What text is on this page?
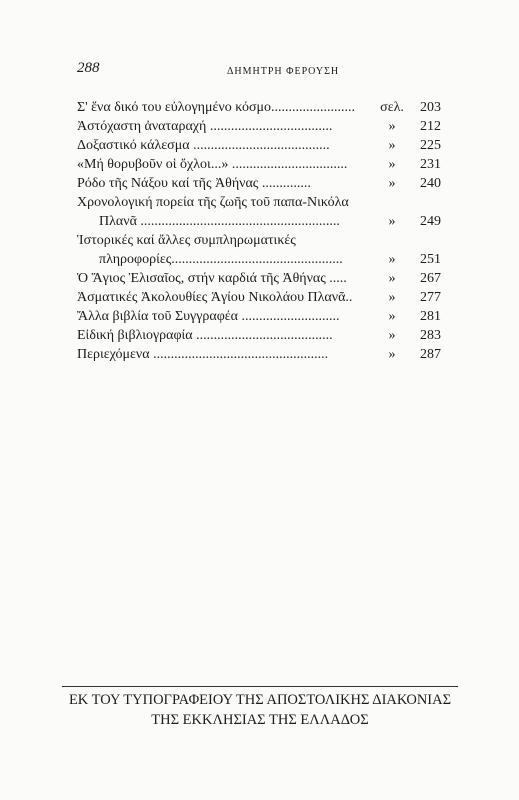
288	ΔΗΜΗΤΡΗ ΦΕΡΟΥΣΗ
Σ' ἕνα δικό του εὐλογημένο κόσμο........................	σελ.	203
Ἀστόχαστη ἀναταραχή ...................................	»	212
Δοξαστικό κάλεσμα .......................................	»	225
«Μή θορυβοῦν οἱ ὄχλοι...» .................................	»	231
Ρόδο τῆς Νάξου καί τῆς Ἀθήνας ..............	»	240
Χρονολογική πορεία τῆς ζωῆς τοῦ παπα-Νικόλα
Πλανᾶ .........................................................	»	249
Ἱστορικές καί ἄλλες συμπληρωματικές
πληροφορίες.................................................	»	251
Ὁ Ἅγιος Ἐλισαῖος, στήν καρδιά τῆς Ἀθήνας .....	»	267
Ἀσματικές Ἀκολουθίες Ἁγίου Νικολάου Πλανᾶ..	»	277
Ἄλλα βιβλία τοῦ Συγγραφέα ............................	»	281
Εἰδική βιβλιογραφία .......................................	»	283
Περιεχόμενα ..................................................	»	287
ΕΚ ΤΟΥ ΤΥΠΟΓΡΑΦΕΙΟΥ ΤΗΣ ΑΠΟΣΤΟΛΙΚΗΣ ΔΙΑΚΟΝΙΑΣ
ΤΗΣ ΕΚΚΛΗΣΙΑΣ ΤΗΣ ΕΛΛΑΔΟΣ
